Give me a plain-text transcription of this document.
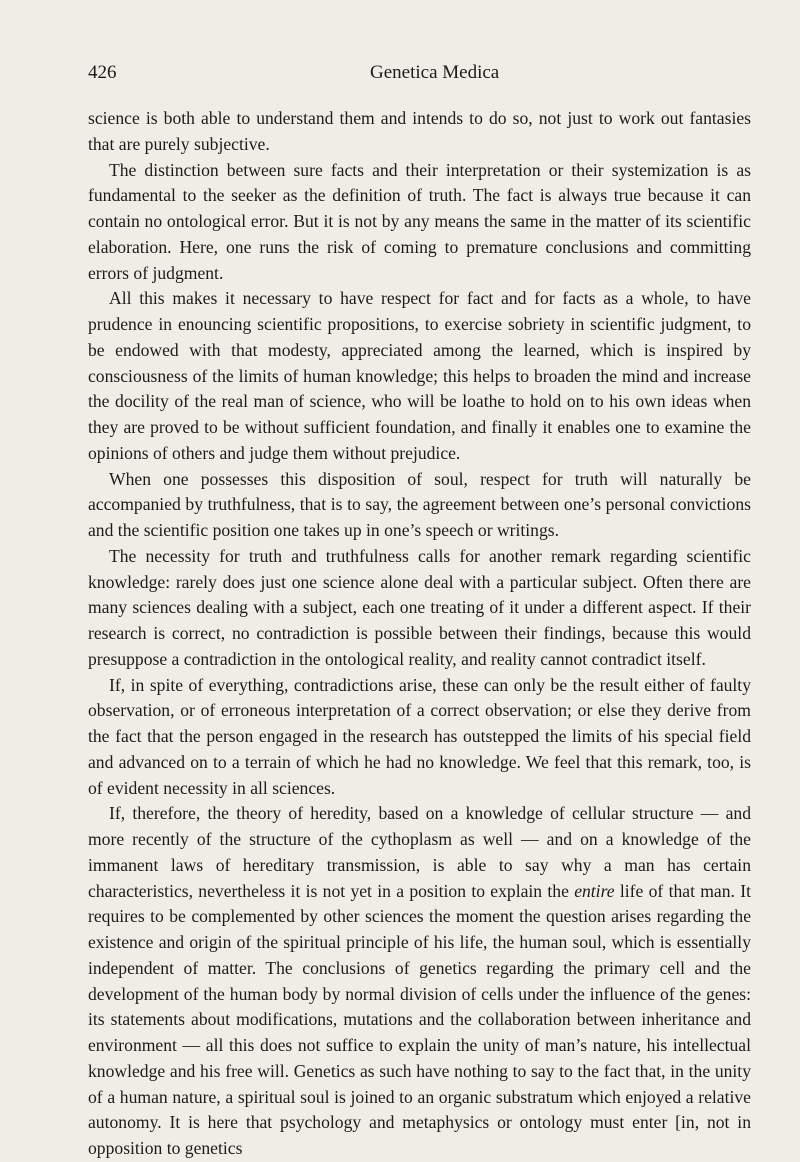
426	Genetica Medica

science is both able to understand them and intends to do so, not just to work out fantasies that are purely subjective.

The distinction between sure facts and their interpretation or their systemization is as fundamental to the seeker as the definition of truth. The fact is always true because it can contain no ontological error. But it is not by any means the same in the matter of its scientific elaboration. Here, one runs the risk of coming to premature conclusions and committing errors of judgment.

All this makes it necessary to have respect for fact and for facts as a whole, to have prudence in enouncing scientific propositions, to exercise sobriety in scientific judgment, to be endowed with that modesty, appreciated among the learned, which is inspired by consciousness of the limits of human knowledge; this helps to broaden the mind and increase the docility of the real man of science, who will be loathe to hold on to his own ideas when they are proved to be without sufficient foundation, and finally it enables one to examine the opinions of others and judge them without prejudice.

When one possesses this disposition of soul, respect for truth will naturally be accompanied by truthfulness, that is to say, the agreement between one’s personal convictions and the scientific position one takes up in one’s speech or writings.

The necessity for truth and truthfulness calls for another remark regarding scientific knowledge: rarely does just one science alone deal with a particular subject. Often there are many sciences dealing with a subject, each one treating of it under a different aspect. If their research is correct, no contradiction is possible between their findings, because this would presuppose a contradiction in the ontological reality, and reality cannot contradict itself.

If, in spite of everything, contradictions arise, these can only be the result either of faulty observation, or of erroneous interpretation of a correct observation; or else they derive from the fact that the person engaged in the research has outstepped the limits of his special field and advanced on to a terrain of which he had no knowledge. We feel that this remark, too, is of evident necessity in all sciences.

If, therefore, the theory of heredity, based on a knowledge of cellular structure — and more recently of the structure of the cythoplasm as well — and on a knowledge of the immanent laws of hereditary transmission, is able to say why a man has certain characteristics, nevertheless it is not yet in a position to explain the entire life of that man. It requires to be complemented by other sciences the moment the question arises regarding the existence and origin of the spiritual principle of his life, the human soul, which is essentially independent of matter. The conclusions of genetics regarding the primary cell and the development of the human body by normal division of cells under the influence of the genes: its statements about modifications, mutations and the collaboration between inheritance and environment — all this does not suffice to explain the unity of man’s nature, his intellectual knowledge and his free will. Genetics as such have nothing to say to the fact that, in the unity of a human nature, a spiritual soul is joined to an organic substratum which enjoyed a relative autonomy. It is here that psychology and metaphysics or ontology must enter [in, not in opposition to genetics
